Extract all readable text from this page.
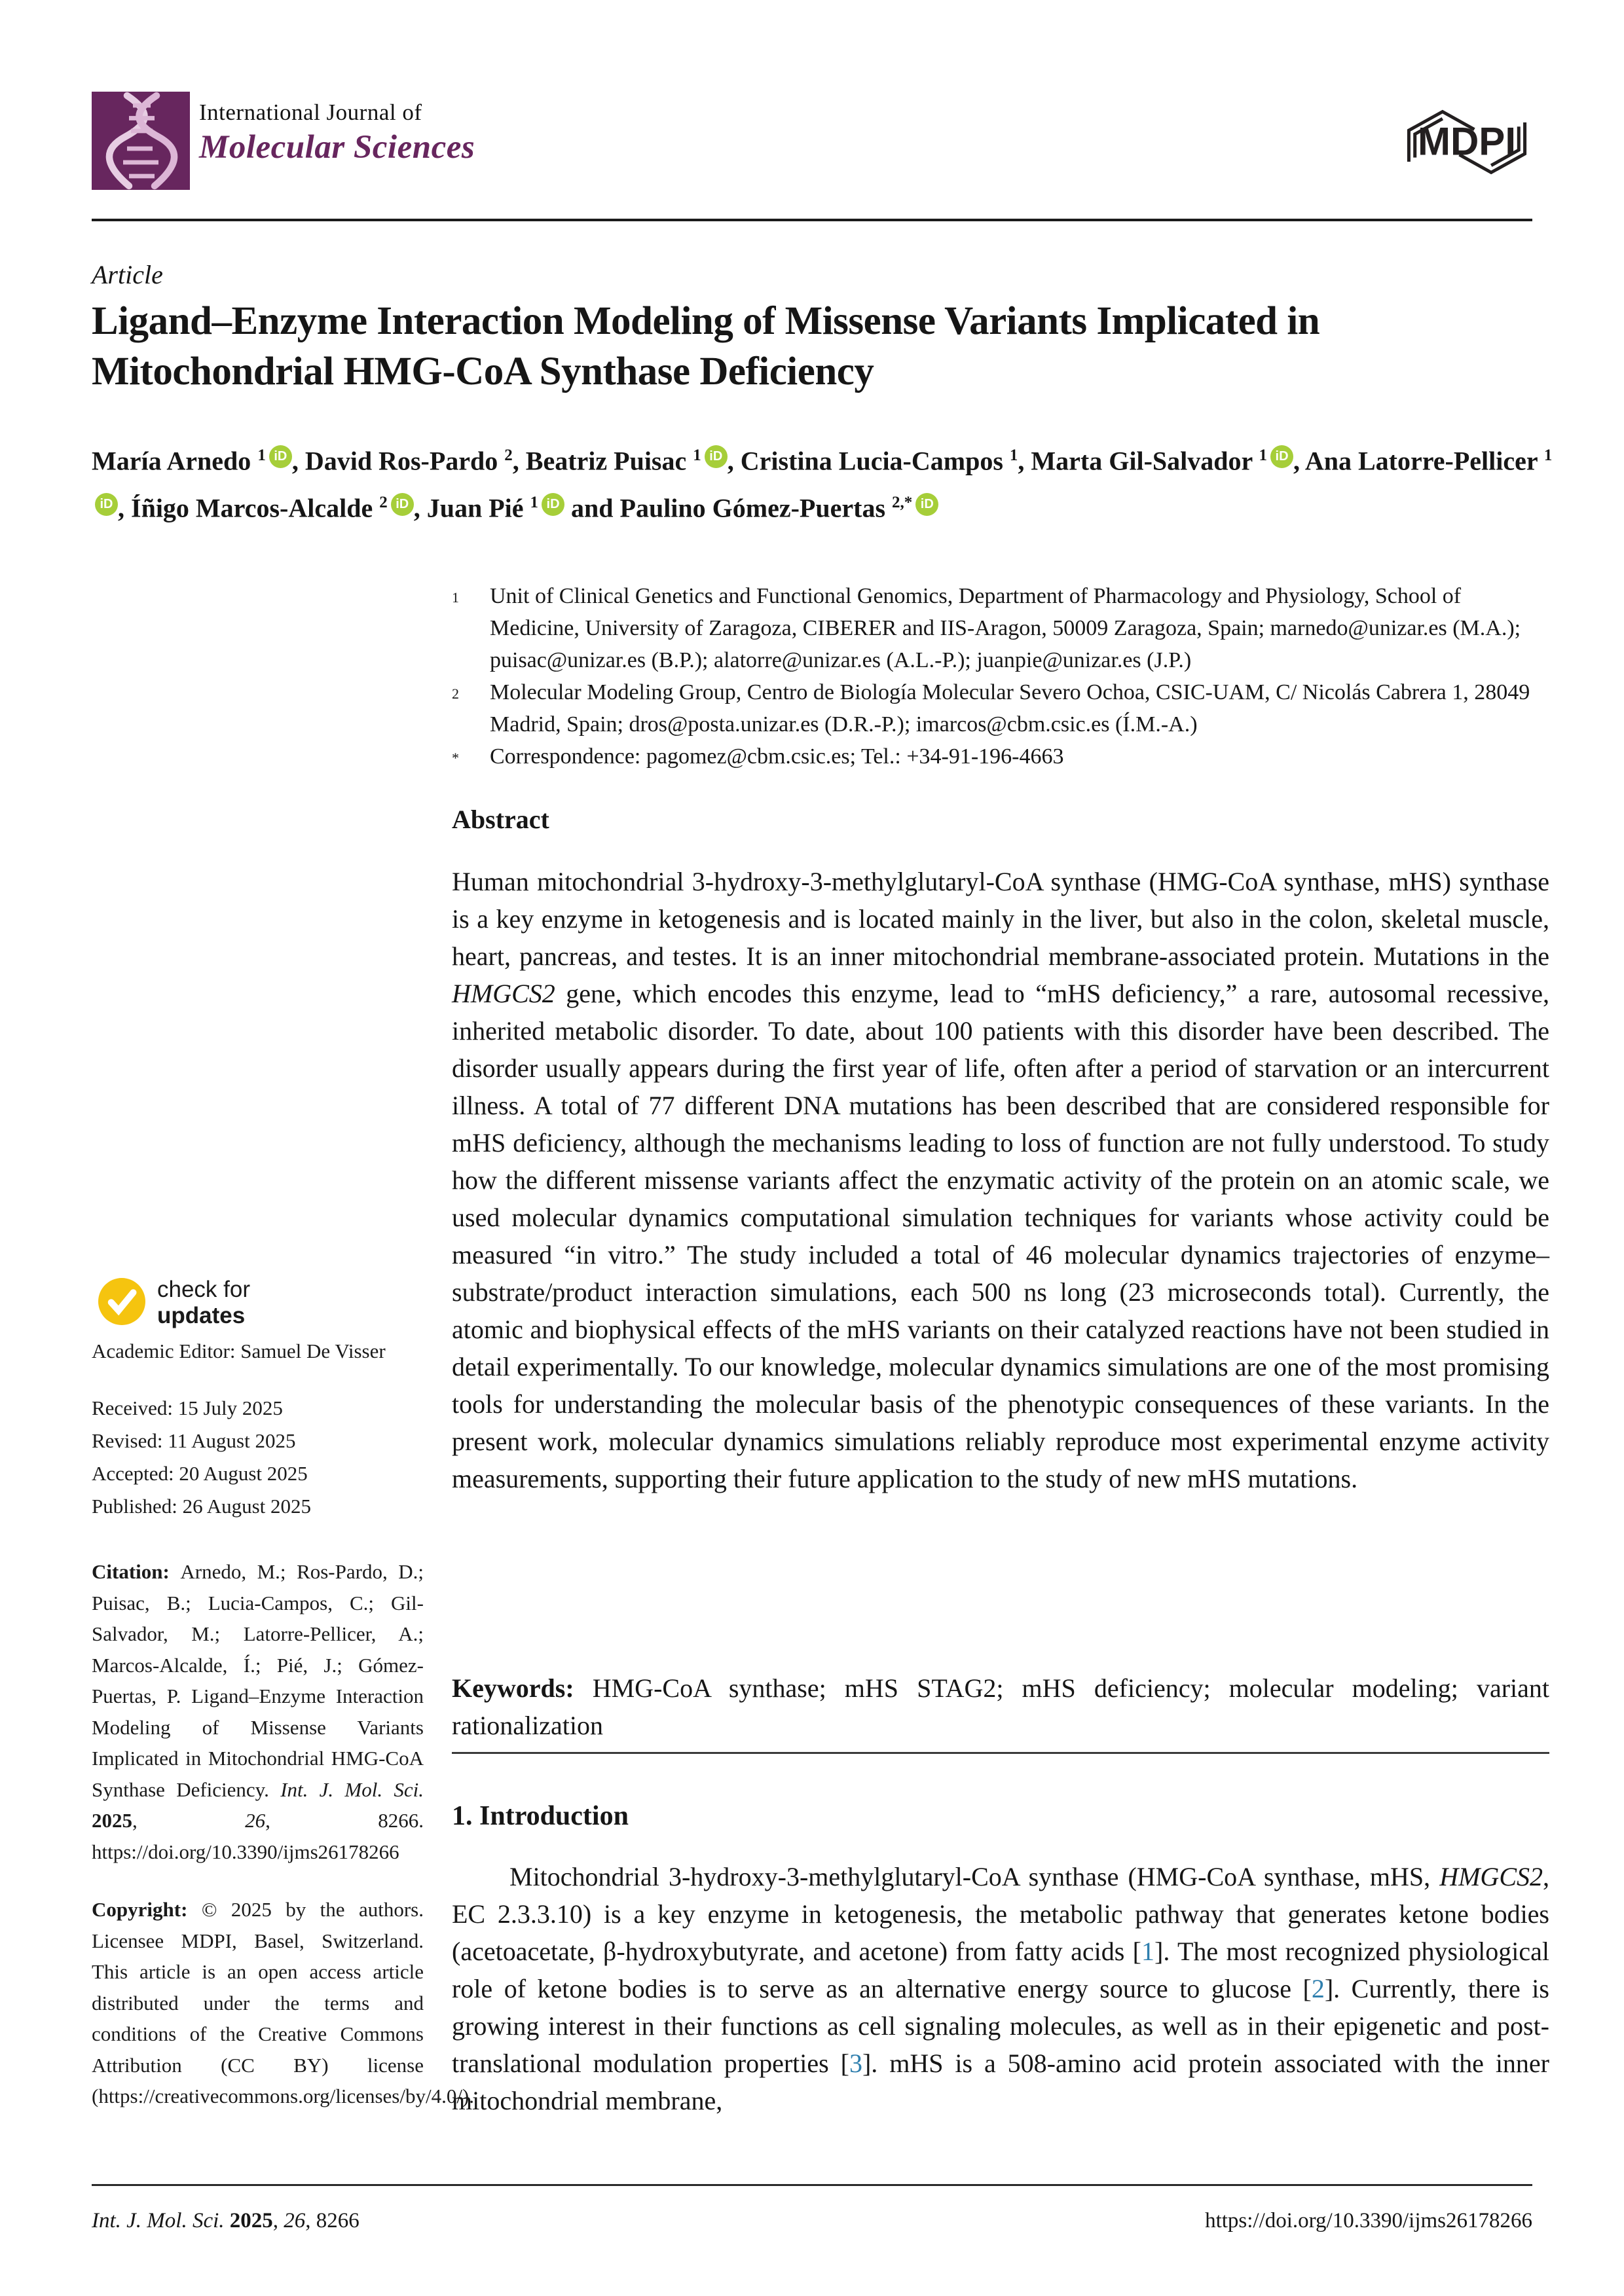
International Journal of
Molecular Sciences	MDPI
Article
Ligand–Enzyme Interaction Modeling of Missense Variants Implicated in Mitochondrial HMG-CoA Synthase Deficiency
María Arnedo $^1$ iD , David Ros-Pardo $^2$, Beatriz Puisac $^1$ iD , Cristina Lucia-Campos $^1$, Marta Gil-Salvador $^1$ iD , Ana Latorre-Pellicer $^1$iD , Íñigo Marcos-Alcalde $^2$ iD , Juan Pié $^1$ iD and Paulino Gómez-Puertas $^{2,*}$ iD
1	Unit of Clinical Genetics and Functional Genomics, Department of Pharmacology and Physiology, School of Medicine, University of Zaragoza, CIBERER and IIS-Aragon, 50009 Zaragoza, Spain; marnedo@unizar.es (M.A.); puisac@unizar.es (B.P.); alatorre@unizar.es (A.L.-P.); juanpie@unizar.es (J.P.)
2	Molecular Modeling Group, Centro de Biología Molecular Severo Ochoa, CSIC-UAM, C/ Nicolás Cabrera 1, 28049 Madrid, Spain; dros@posta.unizar.es (D.R.-P.); imarcos@cbm.csic.es (Í.M.-A.)
*	Correspondence: pagomez@cbm.csic.es; Tel.: +34-91-196-4663
Abstract

Human mitochondrial 3-hydroxy-3-methylglutaryl-CoA synthase (HMG-CoA synthase, mHS) synthase is a key enzyme in ketogenesis and is located mainly in the liver, but also in the colon, skeletal muscle, heart, pancreas, and testes. It is an inner mitochondrial membrane-associated protein. Mutations in the HMGCS2 gene, which encodes this enzyme, lead to “mHS deficiency,” a rare, autosomal recessive, inherited metabolic disorder. To date, about 100 patients with this disorder have been described. The disorder usually appears during the first year of life, often after a period of starvation or an intercurrent illness. A total of 77 different DNA mutations has been described that are considered responsible for mHS deficiency, although the mechanisms leading to loss of function are not fully understood. To study how the different missense variants affect the enzymatic activity of the protein on an atomic scale, we used molecular dynamics computational simulation techniques for variants whose activity could be measured “in vitro.” The study included a total of 46 molecular dynamics trajectories of enzyme–substrate/product interaction simulations, each 500 ns long (23 microseconds total). Currently, the atomic and biophysical effects of the mHS variants on their catalyzed reactions have not been studied in detail experimentally. To our knowledge, molecular dynamics simulations are one of the most promising tools for understanding the molecular basis of the phenotypic consequences of these variants. In the present work, molecular dynamics simulations reliably reproduce most experimental enzyme activity measurements, supporting their future application to the study of new mHS mutations.

Keywords: HMG-CoA synthase; mHS STAG2; mHS deficiency; molecular modeling; variant rationalization

1. Introduction

Mitochondrial 3-hydroxy-3-methylglutaryl-CoA synthase (HMG-CoA synthase, mHS, HMGCS2, EC 2.3.3.10) is a key enzyme in ketogenesis, the metabolic pathway that generates ketone bodies (acetoacetate, β-hydroxybutyrate, and acetone) from fatty acids [1]. The most recognized physiological role of ketone bodies is to serve as an alternative energy source to glucose [2]. Currently, there is growing interest in their functions as cell signaling molecules, as well as in their epigenetic and post-translational modulation properties [3]. mHS is a 508-amino acid protein associated with the inner mitochondrial membrane,

check for
updates
Academic Editor: Samuel De Visser
Received: 15 July 2025
Revised: 11 August 2025
Accepted: 20 August 2025
Published: 26 August 2025

Citation: Arnedo, M.; Ros-Pardo, D.; Puisac, B.; Lucia-Campos, C.; Gil-Salvador, M.; Latorre-Pellicer, A.; Marcos-Alcalde, Í.; Pié, J.; Gómez-Puertas, P. Ligand–Enzyme Interaction Modeling of Missense Variants Implicated in Mitochondrial HMG-CoA Synthase Deficiency. Int. J. Mol. Sci. 2025, 26, 8266. https://doi.org/10.3390/ijms26178266

Copyright: © 2025 by the authors. Licensee MDPI, Basel, Switzerland. This article is an open access article distributed under the terms and conditions of the Creative Commons Attribution (CC BY) license (https://creativecommons.org/licenses/by/4.0/).

Int. J. Mol. Sci. 2025, 26, 8266	https://doi.org/10.3390/ijms26178266
